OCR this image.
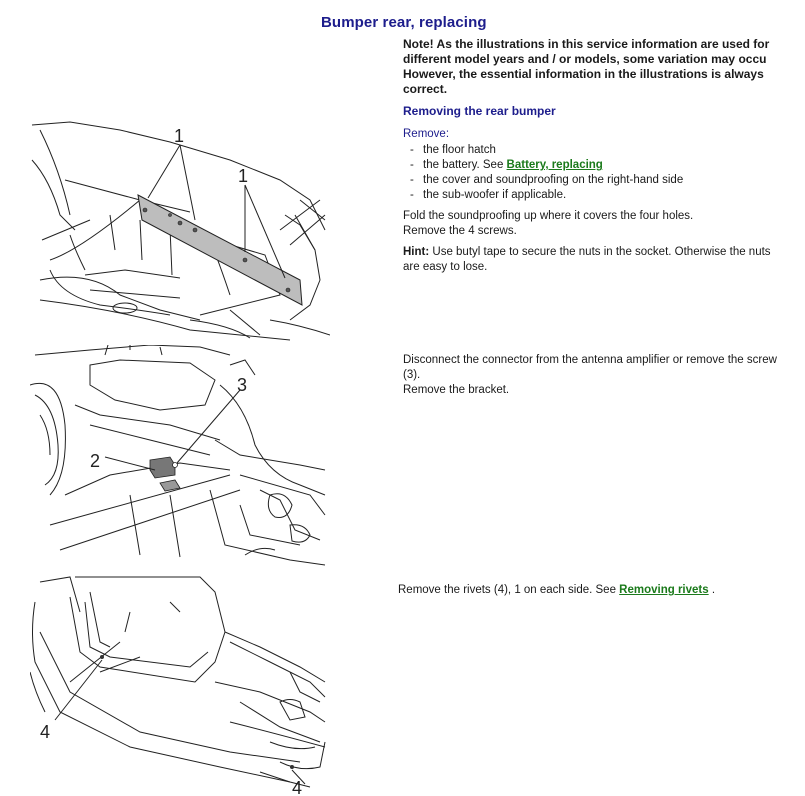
Bumper rear, replacing
Note! As the illustrations in this service information are used for
different model years and / or models, some variation may occu
However, the essential information in the illustrations is always
correct.
Removing the rear bumper
Remove:
- the floor hatch
- the battery. See Battery, replacing
- the cover and soundproofing on the right-hand side
- the sub-woofer if applicable.
Fold the soundproofing up where it covers the four holes.
Remove the 4 screws.
Hint: Use butyl tape to secure the nuts in the socket. Otherwise the nuts
are easy to lose.
Disconnect the connector from the antenna amplifier or remove the screw
(3).
Remove the bracket.
Remove the rivets (4), 1 on each side. See Removing rivets .
1
1
3
2
4
4
